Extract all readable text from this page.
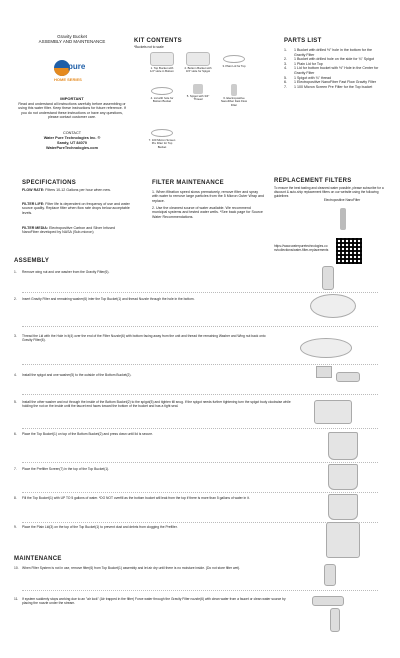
Gravity Bucket
ASSEMBLY AND MAINTENANCE
pure
HOME SERIES
IMPORTANT
Read and understand all instructions carefully before assembling or using this water filter. Keep these instructions for future reference. If you do not understand these instructions or have any questions, please contact customer care.
CONTACT
Water Pure Technologies Inc. ®
Sandy, UT 84070
WaterPureTechnologies.com
KIT CONTENTS
*Buckets not to scale
1. Top Bucket with 1/2" Hole in Bottom
2. Bottom Bucket with 3/4" Hole for Spigot
3. Plain Lid for Top
4. Lid with hole for Bottom Bucket
5. Spigot with 3/4" Thread	6. Electropositive NanoFiber Fast Flow Filter
7. 100 Micron Screen Pre Filter for Top Bucket
PARTS LIST
1.	1 Bucket with drilled ½" hole in the bottom for the Gravity Filter
2.	1 Bucket with drilled hole on the side for ¾" Spigot
3.	1 Plain Lid for Top
4.	1 Lid for bottom bucket with ½" Hole in the Center for Gravity Filter
5.	1 Spigot with ¾" thread
6.	1 Electropositive NanoFiber Fast Flow Gravity Filter
7.	1 100 Micron Screen Pre Filter for the Top bucket
REPLACEMENT FILTERS
To ensure the best tasting and cleanest water possible, please subscribe for a discount & auto-ship replacement filters on our website using the following guidelines
Electropositive NanoFilter
https://www.waterpuretechnologies.com/collections/water-filter-replacements
SPECIFICATIONS
FLOW RATE: Filters 10-12 Gallons per hour when new.
FILTER LIFE: Filter life is dependent on frequency of use and water source quality. Replace filter when flow rate drops below acceptable levels.
FILTER MEDIA: Electropositive Carbon and Silver Infused NanoFiber developed by NASA (Sub-micron)
FILTER MAINTENANCE
1. When filtration speed slows prematurely, remove filter and spray with water to remove large particles from the 5 Micron Outer Wrap and replace.
2. Use the cleanest source of water available. We recommend municipal systems and tested water wells. *See back page for Source Water Recommendations.
ASSEMBLY
1. Remove wing nut and one washer from the Gravity Filter(6).
2. Insert Gravity Filter and remaining washer(6) inter the Top Bucket(1) and thread Nozzle through the hole in the bottom.
3. Thread the Lid with the Hole in it(4) over the end of the Filter Nozzle(6) with bottom facing away from the unit and thread the remaining Washer and Wing nut back onto Gravity Filter(6).
4. Install the spigot and one washer(5) to the outside of the Bottom Bucket(2).
5. Install the other washer and nut through the inside of the Bottom Bucket(2) to the spigot(5) and tighten till snug. If the spigot needs further tightening turn the spigot body clockwise while holding the nut on the inside until the faucet end faces toward the bottom of the bucket and has a tight seal.
6. Place the Top Bucket(1) on top of the Bottom Bucket(2) and press down until lid is secure.
7. Place the Prefilter Screen(7) in the top of the Top Bucket(1).
8. Fill the Top Bucket(1) with UP TO 5 gallons of water. *DO NOT overfill as the bottom bucket will leak from the top if there is more than 5 gallons of water in it.
9. Place the Plain Lid(3) on the top of the Top Bucket(1) to prevent dust and debris from clogging the Prefilter.
MAINTENANCE
10. When Filter System is not in use, remove filter(6) from Top Bucket(1) assembly and let air dry until there is no moisture inside. (Do not store filter wet).
11. If system suddenly stops working due to an "air lock" (Air trapped in the filter) Force water through the Gravity Filter nozzle(6) with clean water from a faucet or clean water source by placing the nozzle under the stream.
